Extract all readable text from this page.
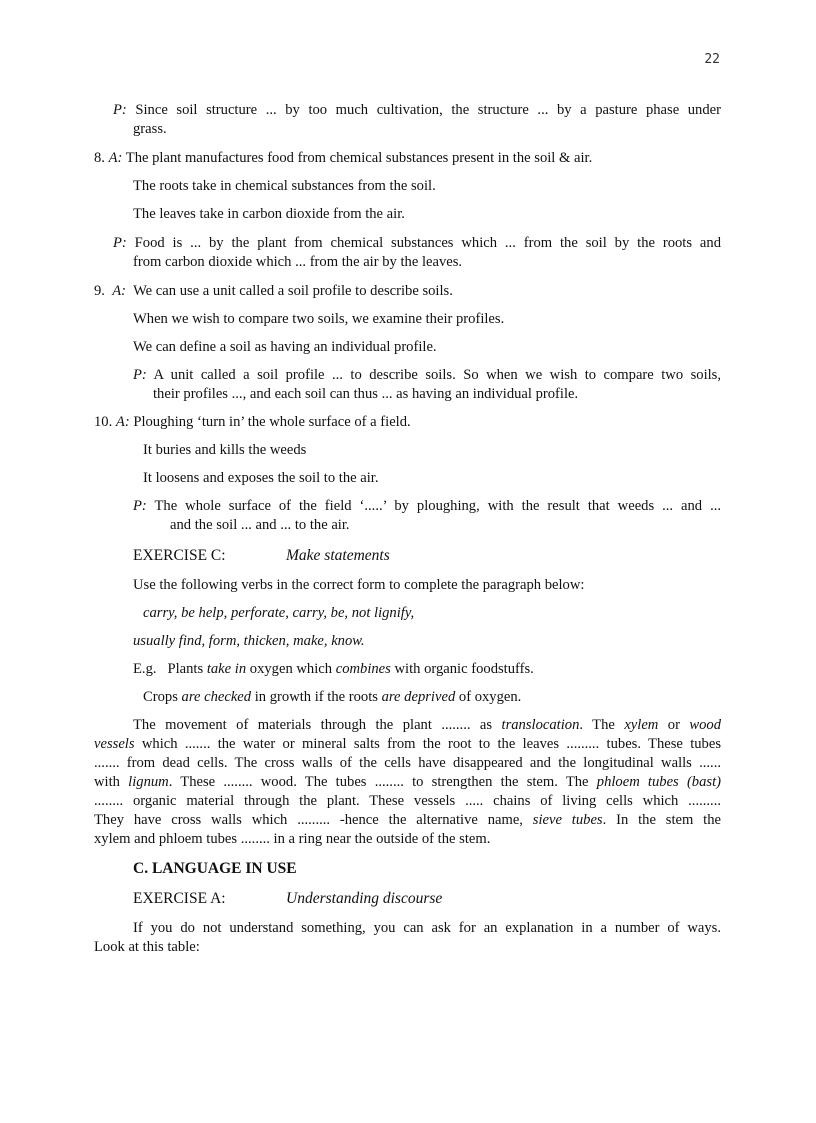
22
P: Since soil structure ... by too much cultivation, the structure ... by a pasture phase under
grass.
8. A: The plant manufactures food from chemical substances present in the soil & air.
The roots take in chemical substances from the soil.
The leaves take in carbon dioxide from the air.
P: Food is ... by the plant from chemical substances which ... from the soil by the roots and
from carbon dioxide which ... from the air by the leaves.
9. A: We can use a unit called a soil profile to describe soils.
When we wish to compare two soils, we examine their profiles.
We can define a soil as having an individual profile.
P: A unit called a soil profile ... to describe soils. So when we wish to compare two soils,
their profiles ..., and each soil can thus ... as having an individual profile.
10. A: Ploughing ‘turn in’ the whole surface of a field.
It buries and kills the weeds
It loosens and exposes the soil to the air.
P: The whole surface of the field ‘.....’ by ploughing, with the result that weeds ... and ...
and the soil ... and ... to the air.
EXERCISE C:	Make statements
Use the following verbs in the correct form to complete the paragraph below:
carry, be help, perforate, carry, be, not lignify,
usually find, form, thicken, make, know.
E.g. Plants take in oxygen which combines with organic foodstuffs.
Crops are checked in growth if the roots are deprived of oxygen.
The movement of materials through the plant ........ as translocation. The xylem or wood
vessels which ....... the water or mineral salts from the root to the leaves ......... tubes. These tubes
....... from dead cells. The cross walls of the cells have disappeared and the longitudinal walls ......
with lignum. These ........ wood. The tubes ........ to strengthen the stem. The phloem tubes (bast)
........ organic material through the plant. These vessels ..... chains of living cells which .........
They have cross walls which ......... -hence the alternative name, sieve tubes. In the stem the
xylem and phloem tubes ........ in a ring near the outside of the stem.
C. LANGUAGE IN USE
EXERCISE A:	Understanding discourse
If you do not understand something, you can ask for an explanation in a number of ways.
Look at this table:
